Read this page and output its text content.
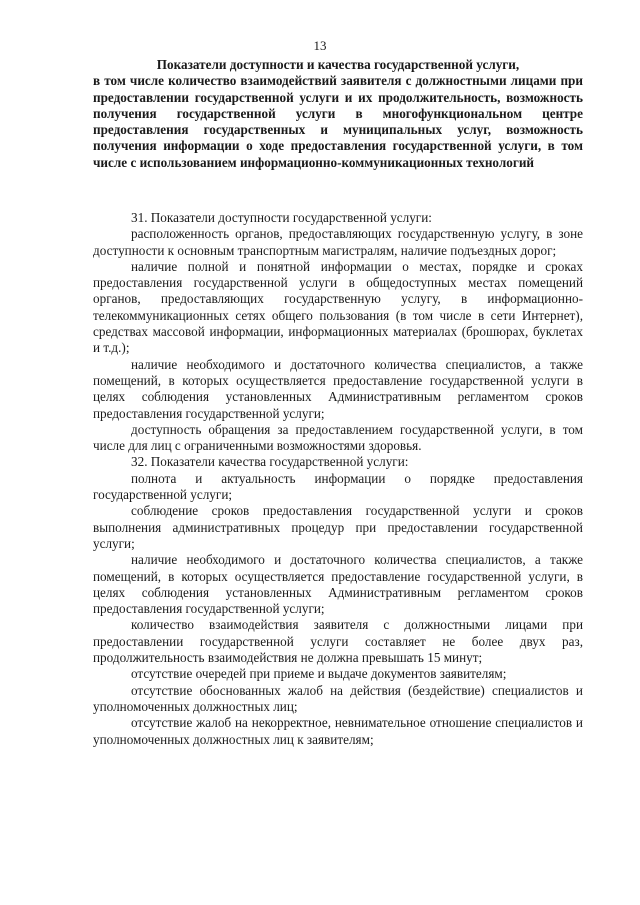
13

Показатели доступности и качества государственной услуги,

в том числе количество взаимодействий заявителя с должностными лицами при предоставлении государственной услуги и их продолжительность, возможность получения государственной услуги в многофункциональном центре предоставления государственных и муниципальных услуг, возможность получения информации о ходе предоставления государственной услуги, в том числе с использованием информационно-коммуникационных технологий

31. Показатели доступности государственной услуги:

расположенность органов, предоставляющих государственную услугу, в зоне доступности к основным транспортным магистралям, наличие подъездных дорог;

наличие полной и понятной информации о местах, порядке и сроках предоставления государственной услуги в общедоступных местах помещений органов, предоставляющих государственную услугу, в информационно-телекоммуникационных сетях общего пользования (в том числе в сети Интернет), средствах массовой информации, информационных материалах (брошюрах, буклетах и т.д.);

наличие необходимого и достаточного количества специалистов, а также помещений, в которых осуществляется предоставление государственной услуги в целях соблюдения установленных Административным регламентом сроков предоставления государственной услуги;

доступность обращения за предоставлением государственной услуги, в том числе для лиц с ограниченными возможностями здоровья.

32. Показатели качества государственной услуги:

полнота и актуальность информации о порядке предоставления государственной услуги;

соблюдение сроков предоставления государственной услуги и сроков выполнения административных процедур при предоставлении государственной услуги;

наличие необходимого и достаточного количества специалистов, а также помещений, в которых осуществляется предоставление государственной услуги, в целях соблюдения установленных Административным регламентом сроков предоставления государственной услуги;

количество взаимодействия заявителя с должностными лицами при предоставлении государственной услуги составляет не более двух раз, продолжительность взаимодействия не должна превышать 15 минут;

отсутствие очередей при приеме и выдаче документов заявителям;

отсутствие обоснованных жалоб на действия (бездействие) специалистов и уполномоченных должностных лиц;

отсутствие жалоб на некорректное, невнимательное отношение специалистов и уполномоченных должностных лиц к заявителям;
